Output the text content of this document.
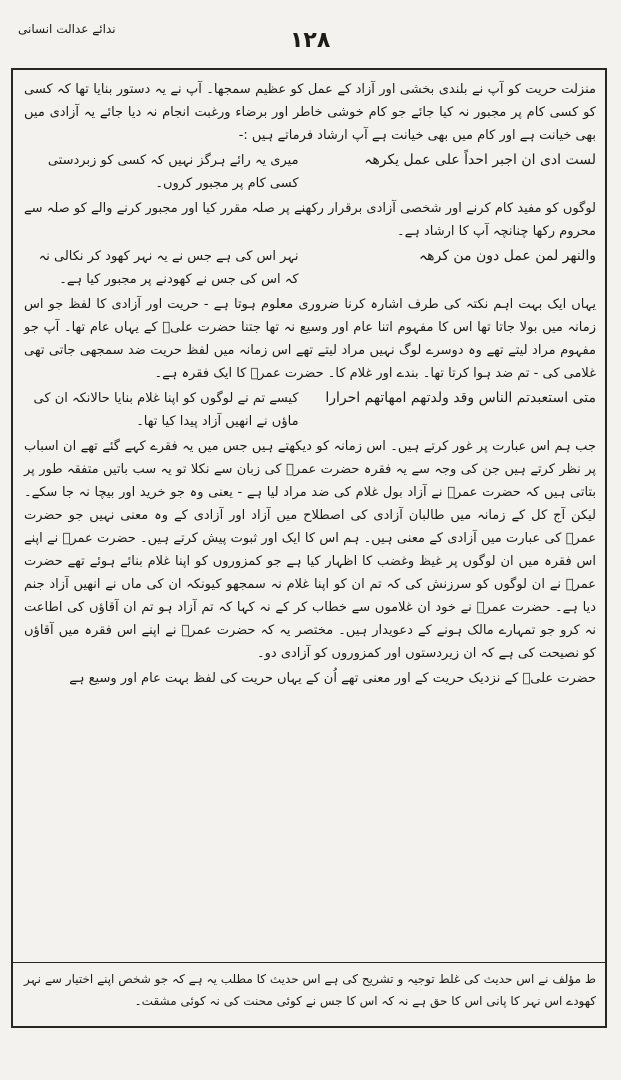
ندائے عدالت انسانی	۱۲۸

منزلت حریت کو آپ نے بلندی بخشی اور آزاد کے عمل کو عظیم سمجھا۔ آپ نے یہ دستور بنایا تھا کہ کسی کو کسی کام پر مجبور نہ کیا جائے جو کام خوشی خاطر اور برضاء ورغبت انجام نہ دیا جائے یہ آزادی میں بھی خیانت ہے اور کام میں بھی خیانت ہے آپ ارشاد فرماتے ہیں :-

لست ادی ان اجبر احداً علی عمل یکرھہ
میری یہ رائے ہرگز نہیں کہ کسی کو زبردستی کسی کام پر مجبور کروں۔

لوگوں کو مفید کام کرنے اور شخصی آزادی برقرار رکھنے پر صلہ مقرر کیا اور مجبور کرنے والے کو صلہ سے محروم رکھا چنانچہ آپ کا ارشاد ہے۔

والنھر لمن عمل دون من کرھہ
نہر اس کی ہے جس نے یہ نہر کھود کر نکالی نہ کہ اس کی جس نے کھودنے پر مجبور کیا ہے۔

یہاں ایک بہت اہم نکتہ کی طرف اشارہ کرنا ضروری معلوم ہوتا ہے - حریت اور آزادی کا لفظ جو اس زمانہ میں بولا جاتا تھا اس کا مفہوم اتنا عام اور وسیع نہ تھا جتنا حضرت علیؑ کے یہاں عام تھا۔ آپ جو مفہوم مراد لیتے تھے وہ دوسرے لوگ نہیں مراد لیتے تھے اس زمانہ میں لفظ حریت ضد سمجھی جاتی تھی غلامی کی - تم ضد ہوا کرتا تھا۔ بندے اور غلام کا۔ حضرت عمرؓ کا ایک فقرہ ہے۔

متی استعبدتم الناس وقد ولدتھم امھاتھم احرارا
کیسے تم نے لوگوں کو اپنا غلام بنایا حالانکہ ان کی ماؤں نے انھیں آزاد پیدا کیا تھا۔

جب ہم اس عبارت پر غور کرتے ہیں۔ اس زمانہ کو دیکھتے ہیں جس میں یہ فقرے کہے گئے تھے ان اسباب پر نظر کرتے ہیں جن کی وجہ سے یہ فقرہ حضرت عمرؓ کی زبان سے نکلا تو یہ سب باتیں متفقہ طور پر بتاتی ہیں کہ حضرت عمرؓ نے آزاد بول غلام کی ضد مراد لیا ہے - یعنی وہ جو خرید اور بیچا نہ جا سکے۔ لیکن آج کل کے زمانہ میں طالبان آزادی کی اصطلاح میں آزاد اور آزادی کے وہ معنی نہیں جو حضرت عمرؓ کی عبارت میں آزادی کے معنی ہیں۔ ہم اس کا ایک اور ثبوت پیش کرتے ہیں۔ حضرت عمرؓ نے اپنے اس فقرہ میں ان لوگوں پر غیظ وغضب کا اظہار کیا ہے جو کمزوروں کو اپنا غلام بنائے ہوئے تھے حضرت عمرؓ نے ان لوگوں کو سرزنش کی کہ تم ان کو اپنا غلام نہ سمجھو کیونکہ ان کی ماں نے انھیں آزاد جنم دیا ہے۔ حضرت عمرؓ نے خود ان غلاموں سے خطاب کر کے نہ کہا کہ تم آزاد ہو تم ان آقاؤں کی اطاعت نہ کرو جو تمہارے مالک ہونے کے دعویدار ہیں۔ مختصر یہ کہ حضرت عمرؓ نے اپنے اس فقرہ میں آقاؤں کو نصیحت کی ہے کہ ان زیردستوں اور کمزوروں کو آزادی دو۔

حضرت علیؑ کے نزدیک حریت کے اور معنی تھے اُن کے یہاں حریت کی لفظ بہت عام اور وسیع ہے

ط مؤلف نے اس حدیث کی غلط توجیہ و تشریح کی ہے اس حدیث کا مطلب یہ ہے کہ جو شخص اپنے اختیار سے نہر کھودے اس نہر کا پانی اس کا حق ہے نہ کہ اس کا جس نے کوئی محنت کی نہ کوئی مشقت۔
